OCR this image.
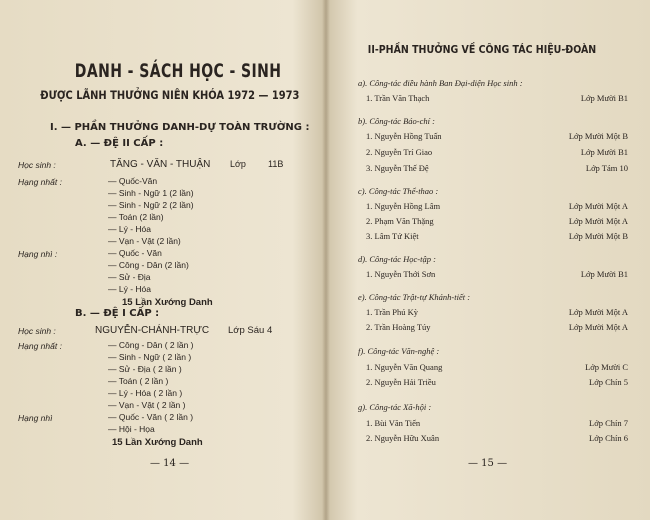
DANH - SÁCH HỌC - SINH
ĐƯỢC LÃNH THƯỞNG NIÊN KHÓA 1972 — 1973
I. — PHẦN THƯỞNG DANH-DỰ TOÀN TRƯỜNG :
A. — ĐỆ II CẤP :
Học sinh :	TĂNG - VĂN - THUẬN Lớp 11B
Hạng nhất :	— Quốc-Văn
— Sinh - Ngữ 1 (2 lần)
— Sinh - Ngữ 2 (2 lần)
— Toán (2 lần)
— Lý - Hóa
— Vạn - Vật (2 lần)
Hạng nhì :	— Quốc - Văn
— Công - Dân (2 lần)
— Sử - Địa
— Lý - Hóa
15 Lần Xướng Danh
B. — ĐỆ I CẤP :
Học sinh :	NGUYỄN-CHÁNH-TRỰC Lớp Sáu 4
Hạng nhất :	— Công - Dân ( 2 lần )
— Sinh - Ngữ ( 2 lần )
— Sử - Địa ( 2 lần )
— Toán ( 2 lần )
— Lý - Hóa ( 2 lần )
— Vạn - Vật ( 2 lần )
Hạng nhì	— Quốc - Văn ( 2 lần )
— Hội - Họa
15 Lần Xướng Danh
— 14 —
II-PHẦN THƯỞNG VỀ CÔNG TÁC HIỆU-ĐOÀN
a). Công-tác điều hành Ban Đại-diện Học sinh :
1. Trần Văn Thạch	Lớp Mười B1
b). Công-tác Báo-chí :
1. Nguyễn Hồng Tuấn	Lớp Mười Một B
2. Nguyễn Trí Giao	Lớp Mười B1
3. Nguyễn Thế Đệ	Lớp Tám 10
c). Công-tác Thể-thao :
1. Nguyễn Hồng Lâm	Lớp Mười Một A
2. Phạm Văn Thặng	Lớp Mười Một A
3. Lâm Tứ Kiệt	Lớp Mười Một B
d). Công-tác Học-tập :
1. Nguyễn Thới Sơn	Lớp Mười B1
e). Công-tác Trật-tự Khánh-tiết :
1. Trần Phú Kỳ	Lớp Mười Một A
2. Trần Hoàng Túy	Lớp Mười Một A
f). Công-tác Văn-nghệ :
1. Nguyễn Văn Quang	Lớp Mười C
2. Nguyễn Hải Triều	Lớp Chín 5
g). Công-tác Xã-hội :
1. Bùi Văn Tiến	Lớp Chín 7
2. Nguyễn Hữu Xuân	Lớp Chín 6
— 15 —
